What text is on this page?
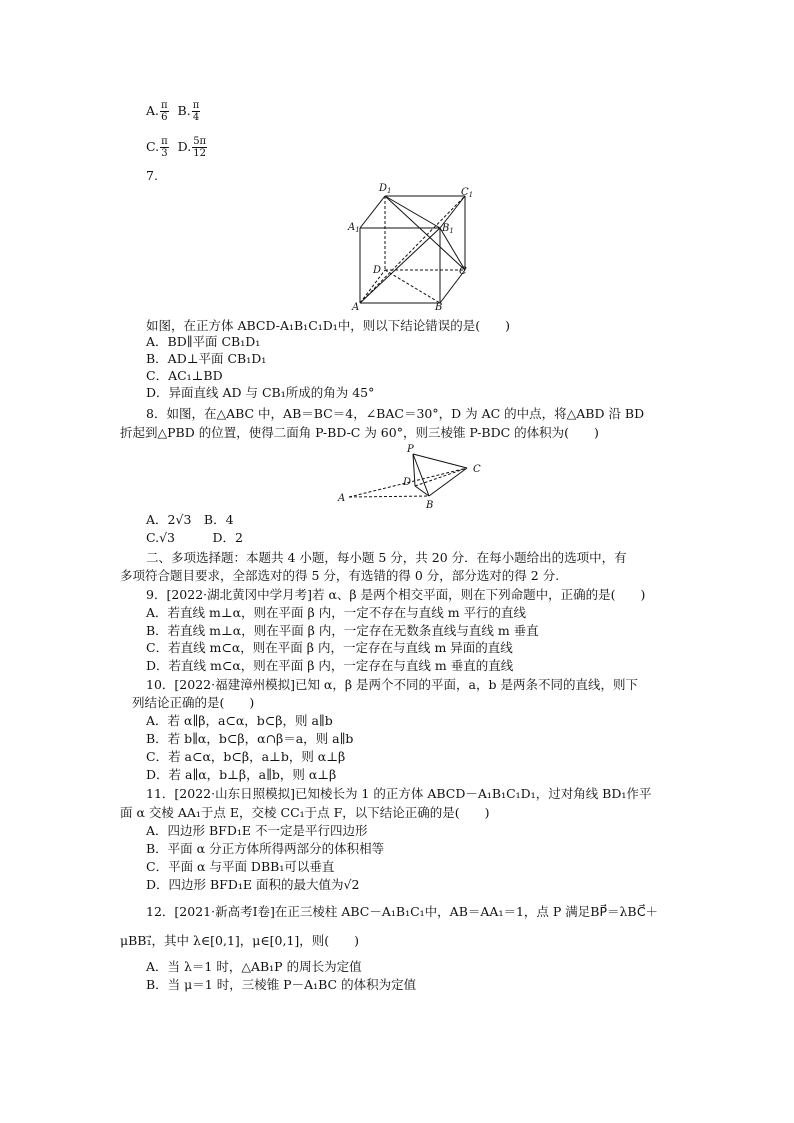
A. $\frac{\pi}{6} B$. $\frac{\pi}{4}$
C. $\frac{\pi}{3} D$. $\frac{5\pi}{12}$
7.
$D_1$	$C_1$
$A_1$	$B_1$
D	C
A	B
如图，在正方体 ABCD-A₁B₁C₁D₁中，则以下结论错误的是(　　)
A．BD∥平面 CB₁D₁
B．AD⊥平面 CB₁D₁
C．AC₁⊥BD
D．异面直线 AD 与 CB₁所成的角为 45°
8．如图，在△ABC 中，AB＝BC＝4，∠BAC＝30°，D 为 AC 的中点，将△ABD 沿 BD
折起到△PBD 的位置，使得二面角 P-BD-C 为 60°，则三棱锥 P-BDC 的体积为(　　)
P
C
D
A
B
A．2√3　B．4
C.√3　　　D．2
二、多项选择题：本题共 4 小题，每小题 5 分，共 20 分．在每小题给出的选项中，有
多项符合题目要求，全部选对的得 5 分，有选错的得 0 分，部分选对的得 2 分.
9．[2022·湖北黄冈中学月考]若 α、β 是两个相交平面，则在下列命题中，正确的是(　　)
A．若直线 m⊥α，则在平面 β 内，一定不存在与直线 m 平行的直线
B．若直线 m⊥α，则在平面 β 内，一定存在无数条直线与直线 m 垂直
C．若直线 m⊂α，则在平面 β 内，一定存在与直线 m 异面的直线
D．若直线 m⊂α，则在平面 β 内，一定存在与直线 m 垂直的直线
10．[2022·福建漳州模拟]已知 α，β 是两个不同的平面，a，b 是两条不同的直线，则下
列结论正确的是(　　)
A．若 α∥β，a⊂α，b⊂β，则 a∥b
B．若 b∥α，b⊂β，α∩β＝a，则 a∥b
C．若 a⊂α，b⊂β，a⊥b，则 α⊥β
D．若 a∥α，b⊥β，a∥b，则 α⊥β
11．[2022·山东日照模拟]已知棱长为 1 的正方体 ABCD－A₁B₁C₁D₁，过对角线 BD₁作平
面 α 交棱 AA₁于点 E，交棱 CC₁于点 F，以下结论正确的是(　　)
A．四边形 BFD₁E 不一定是平行四边形
B．平面 α 分正方体所得两部分的体积相等
C．平面 α 与平面 DBB₁可以垂直
D．四边形 BFD₁E 面积的最大值为√2
12．[2021·新高考Ⅰ卷]在正三棱柱 ABC－A₁B₁C₁中，AB＝AA₁＝1，点 P 满足BP⃗＝λBC⃗＋
μBB₁⃗，其中 λ∈[0,1]，μ∈[0,1]，则(　　)
A．当 λ＝1 时，△AB₁P 的周长为定值
B．当 μ＝1 时，三棱锥 P－A₁BC 的体积为定值
